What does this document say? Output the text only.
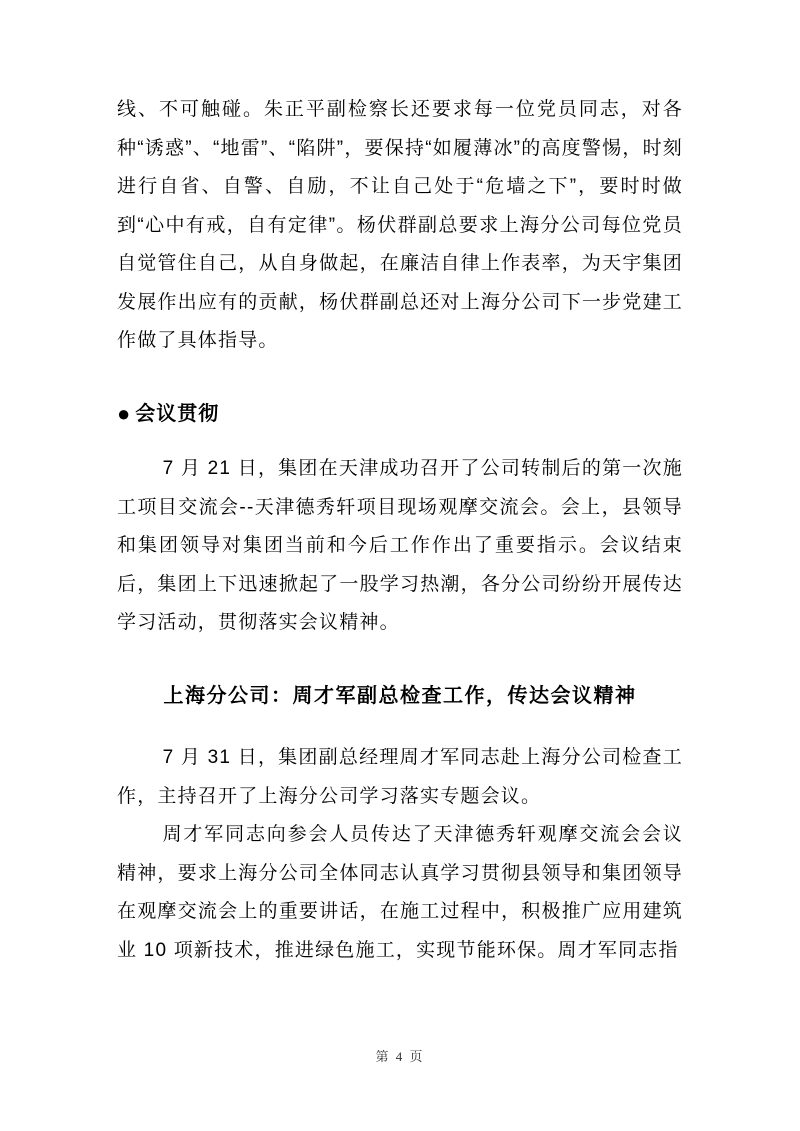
线、不可触碰。朱正平副检察长还要求每一位党员同志，对各种“诱惑”、“地雷”、“陷阱”，要保持“如履薄冰”的高度警惕，时刻进行自省、自警、自励，不让自己处于“危墙之下”，要时时做到“心中有戒，自有定律”。杨伏群副总要求上海分公司每位党员自觉管住自己，从自身做起，在廉洁自律上作表率，为天宇集团发展作出应有的贡献，杨伏群副总还对上海分公司下一步党建工作做了具体指导。

● 会议贯彻

7 月 21 日，集团在天津成功召开了公司转制后的第一次施工项目交流会--天津德秀轩项目现场观摩交流会。会上，县领导和集团领导对集团当前和今后工作作出了重要指示。会议结束后，集团上下迅速掀起了一股学习热潮，各分公司纷纷开展传达学习活动，贯彻落实会议精神。

上海分公司：周才军副总检查工作，传达会议精神

7 月 31 日，集团副总经理周才军同志赴上海分公司检查工作，主持召开了上海分公司学习落实专题会议。

周才军同志向参会人员传达了天津德秀轩观摩交流会会议精神，要求上海分公司全体同志认真学习贯彻县领导和集团领导在观摩交流会上的重要讲话，在施工过程中，积极推广应用建筑业 10 项新技术，推进绿色施工，实现节能环保。周才军同志指

第 4 页
